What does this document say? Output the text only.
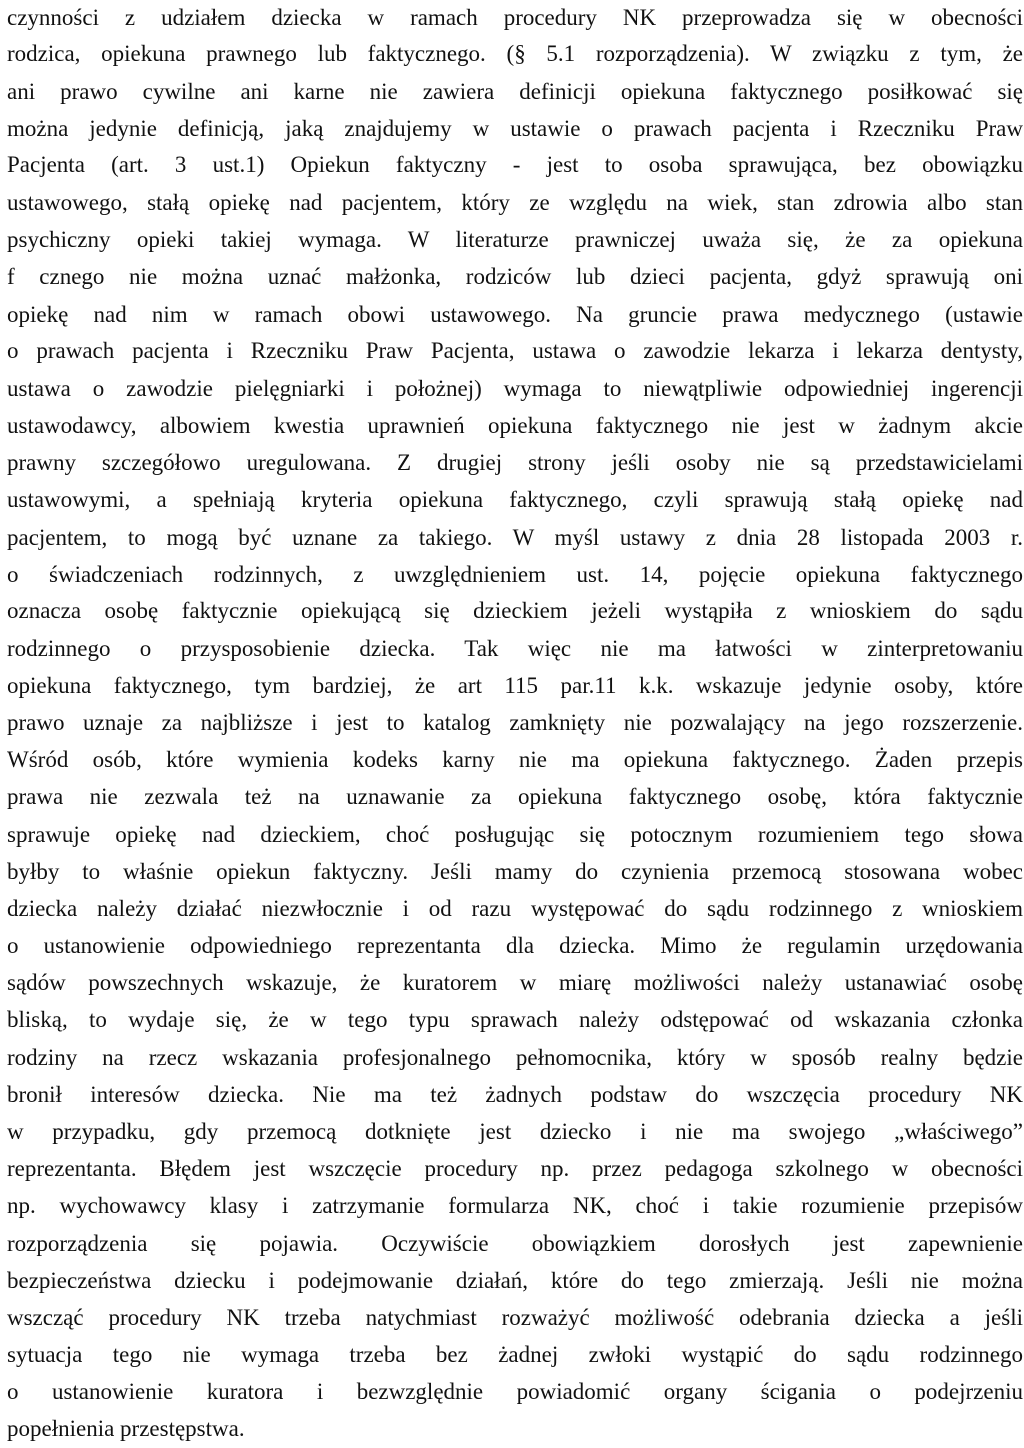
czynności z udziałem dziecka w ramach procedury NK przeprowadza się w obecności
rodzica, opiekuna prawnego lub faktycznego. (§ 5.1 rozporządzenia). W związku z tym, że
ani prawo cywilne ani karne nie zawiera definicji opiekuna faktycznego posiłkować się
można jedynie definicją, jaką znajdujemy w ustawie o prawach pacjenta i Rzeczniku Praw
Pacjenta (art. 3 ust.1) Opiekun faktyczny - jest to osoba sprawująca, bez obowiązku
ustawowego, stałą opiekę nad pacjentem, który ze względu na wiek, stan zdrowia albo stan
psychiczny opieki takiej wymaga. W literaturze prawniczej uważa się, że za opiekuna
f cznego nie można uznać małżonka, rodziców lub dzieci pacjenta, gdyż sprawują oni
opiekę nad nim w ramach obowi ustawowego. Na gruncie prawa medycznego (ustawie
o prawach pacjenta i Rzeczniku Praw Pacjenta, ustawa o zawodzie lekarza i lekarza dentysty,
ustawa o zawodzie pielęgniarki i położnej) wymaga to niewątpliwie odpowiedniej ingerencji
ustawodawcy, albowiem kwestia uprawnień opiekuna faktycznego nie jest w żadnym akcie
prawny szczegółowo uregulowana. Z drugiej strony jeśli osoby nie są przedstawicielami
ustawowymi, a spełniają kryteria opiekuna faktycznego, czyli sprawują stałą opiekę nad
pacjentem, to mogą być uznane za takiego. W myśl ustawy z dnia 28 listopada 2003 r.
o świadczeniach rodzinnych, z uwzględnieniem ust. 14, pojęcie opiekuna faktycznego
oznacza osobę faktycznie opiekującą się dzieckiem jeżeli wystąpiła z wnioskiem do sądu
rodzinnego o przysposobienie dziecka. Tak więc nie ma łatwości w zinterpretowaniu
opiekuna faktycznego, tym bardziej, że art 115 par.11 k.k. wskazuje jedynie osoby, które
prawo uznaje za najbliższe i jest to katalog zamknięty nie pozwalający na jego rozszerzenie.
Wśród osób, które wymienia kodeks karny nie ma opiekuna faktycznego. Żaden przepis
prawa nie zezwala też na uznawanie za opiekuna faktycznego osobę, która faktycznie
sprawuje opiekę nad dzieckiem, choć posługując się potocznym rozumieniem tego słowa
byłby to właśnie opiekun faktyczny. Jeśli mamy do czynienia przemocą stosowana wobec
dziecka należy działać niezwłocznie i od razu występować do sądu rodzinnego z wnioskiem
o ustanowienie odpowiedniego reprezentanta dla dziecka. Mimo że regulamin urzędowania
sądów powszechnych wskazuje, że kuratorem w miarę możliwości należy ustanawiać osobę
bliską, to wydaje się, że w tego typu sprawach należy odstępować od wskazania członka
rodziny na rzecz wskazania profesjonalnego pełnomocnika, który w sposób realny będzie
bronił interesów dziecka. Nie ma też żadnych podstaw do wszczęcia procedury NK
w przypadku, gdy przemocą dotknięte jest dziecko i nie ma swojego „właściwego”
reprezentanta. Błędem jest wszczęcie procedury np. przez pedagoga szkolnego w obecności
np. wychowawcy klasy i zatrzymanie formularza NK, choć i takie rozumienie przepisów
rozporządzenia się pojawia. Oczywiście obowiązkiem dorosłych jest zapewnienie
bezpieczeństwa dziecku i podejmowanie działań, które do tego zmierzają. Jeśli nie można
wszcząć procedury NK trzeba natychmiast rozważyć możliwość odebrania dziecka a jeśli
sytuacja tego nie wymaga trzeba bez żadnej zwłoki wystąpić do sądu rodzinnego
o ustanowienie kuratora i bezwzględnie powiadomić organy ścigania o podejrzeniu
popełnienia przestępstwa.
